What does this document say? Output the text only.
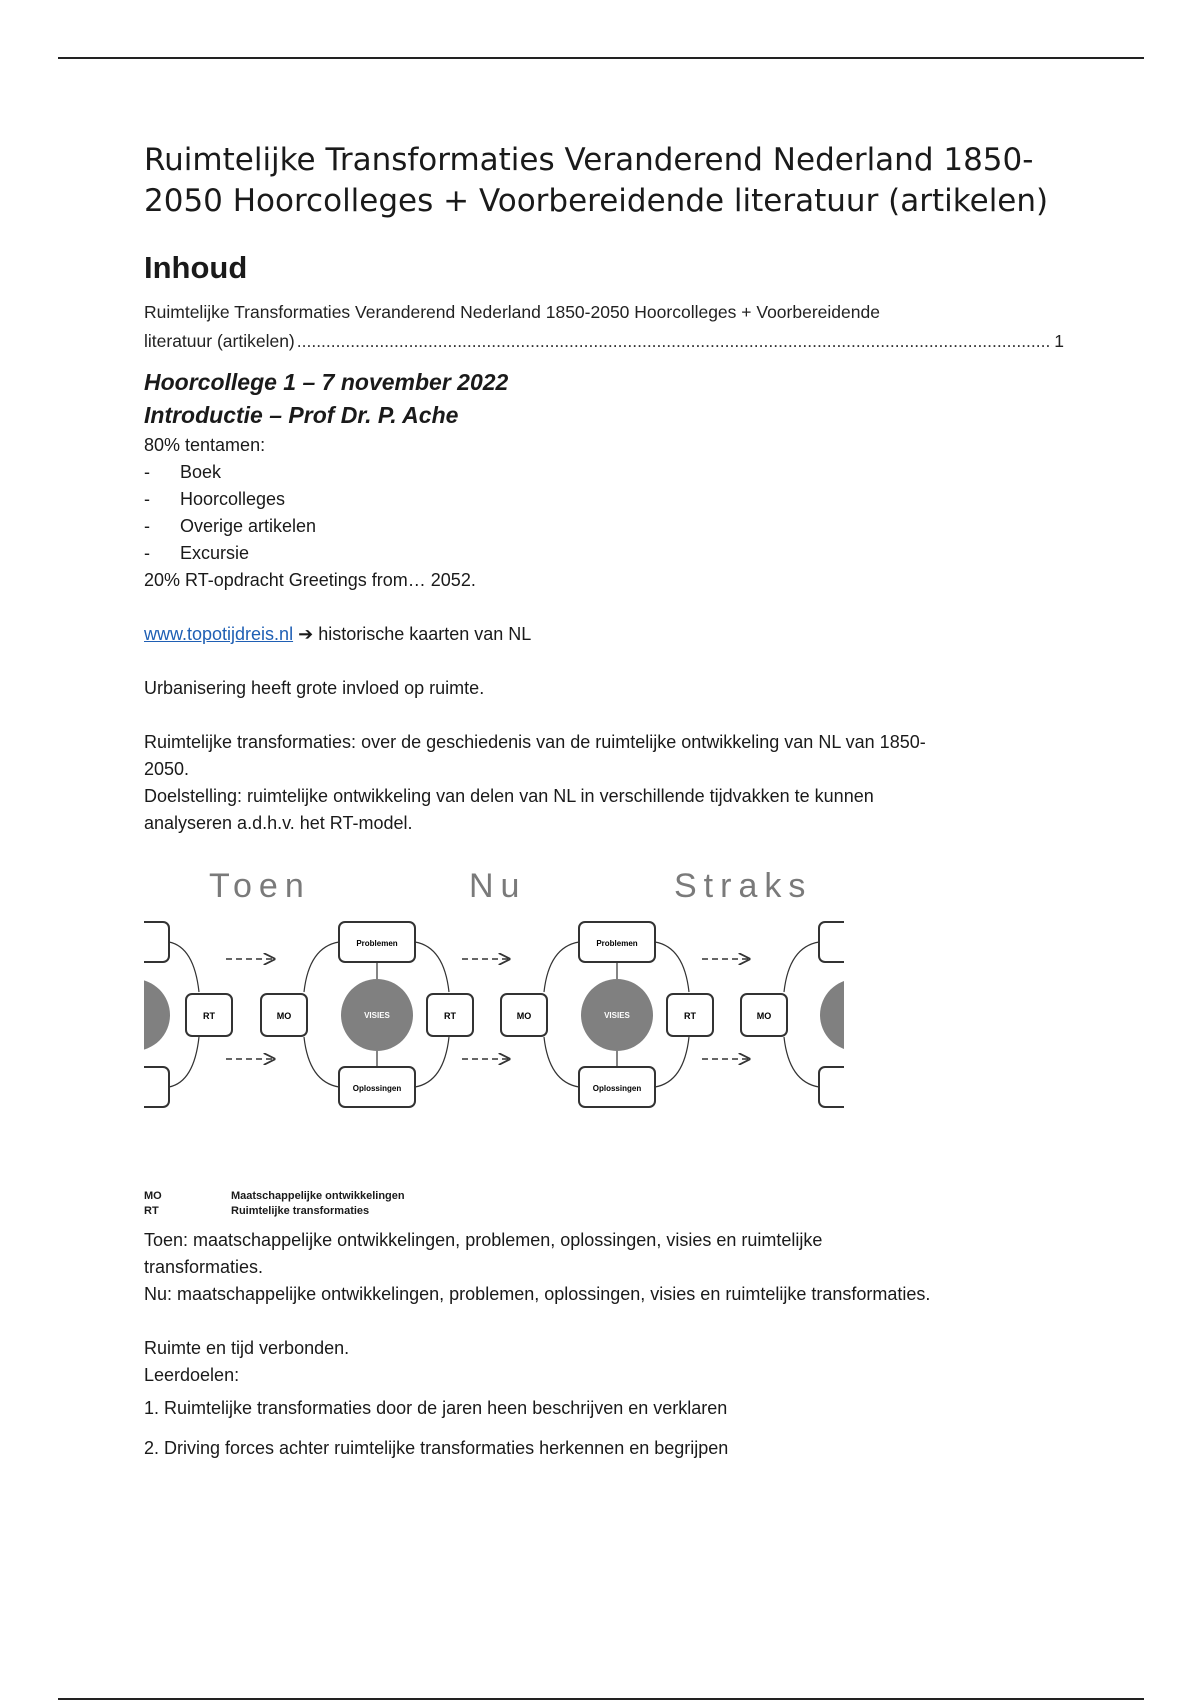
Ruimtelijke Transformaties Veranderend Nederland 1850-2050 Hoorcolleges + Voorbereidende literatuur (artikelen)
Inhoud
Ruimtelijke Transformaties Veranderend Nederland 1850-2050 Hoorcolleges + Voorbereidende
literatuur (artikelen)
.....	1

Hoorcollege 1 – 7 november 2022

Introductie – Prof Dr. P. Ache

80% tentamen:

-	Boek
-	Hoorcolleges
-	Overige artikelen
-	Excursie

20% RT-opdracht Greetings from… 2052.

www.topotijdreis.nl ➔ historische kaarten van NL

Urbanisering heeft grote invloed op ruimte.

Ruimtelijke transformaties: over de geschiedenis van de ruimtelijke ontwikkeling van NL van 1850-

2050.

Doelstelling: ruimtelijke ontwikkeling van delen van NL in verschillende tijdvakken te kunnen

analyseren a.d.h.v. het RT-model.

Toen	Nu	Straks
RT	MO
Problemen
Oplossingen
VISIES	RT	MO
Problemen
Oplossingen
VISIES	RT	MO
MO	Maatschappelijke ontwikkelingen
RT	Ruimtelijke transformaties

Toen: maatschappelijke ontwikkelingen, problemen, oplossingen, visies en ruimtelijke

transformaties.

Nu: maatschappelijke ontwikkelingen, problemen, oplossingen, visies en ruimtelijke transformaties.

Ruimte en tijd verbonden.

Leerdoelen:

1. Ruimtelijke transformaties door de jaren heen beschrijven en verklaren

2. Driving forces achter ruimtelijke transformaties herkennen en begrijpen
